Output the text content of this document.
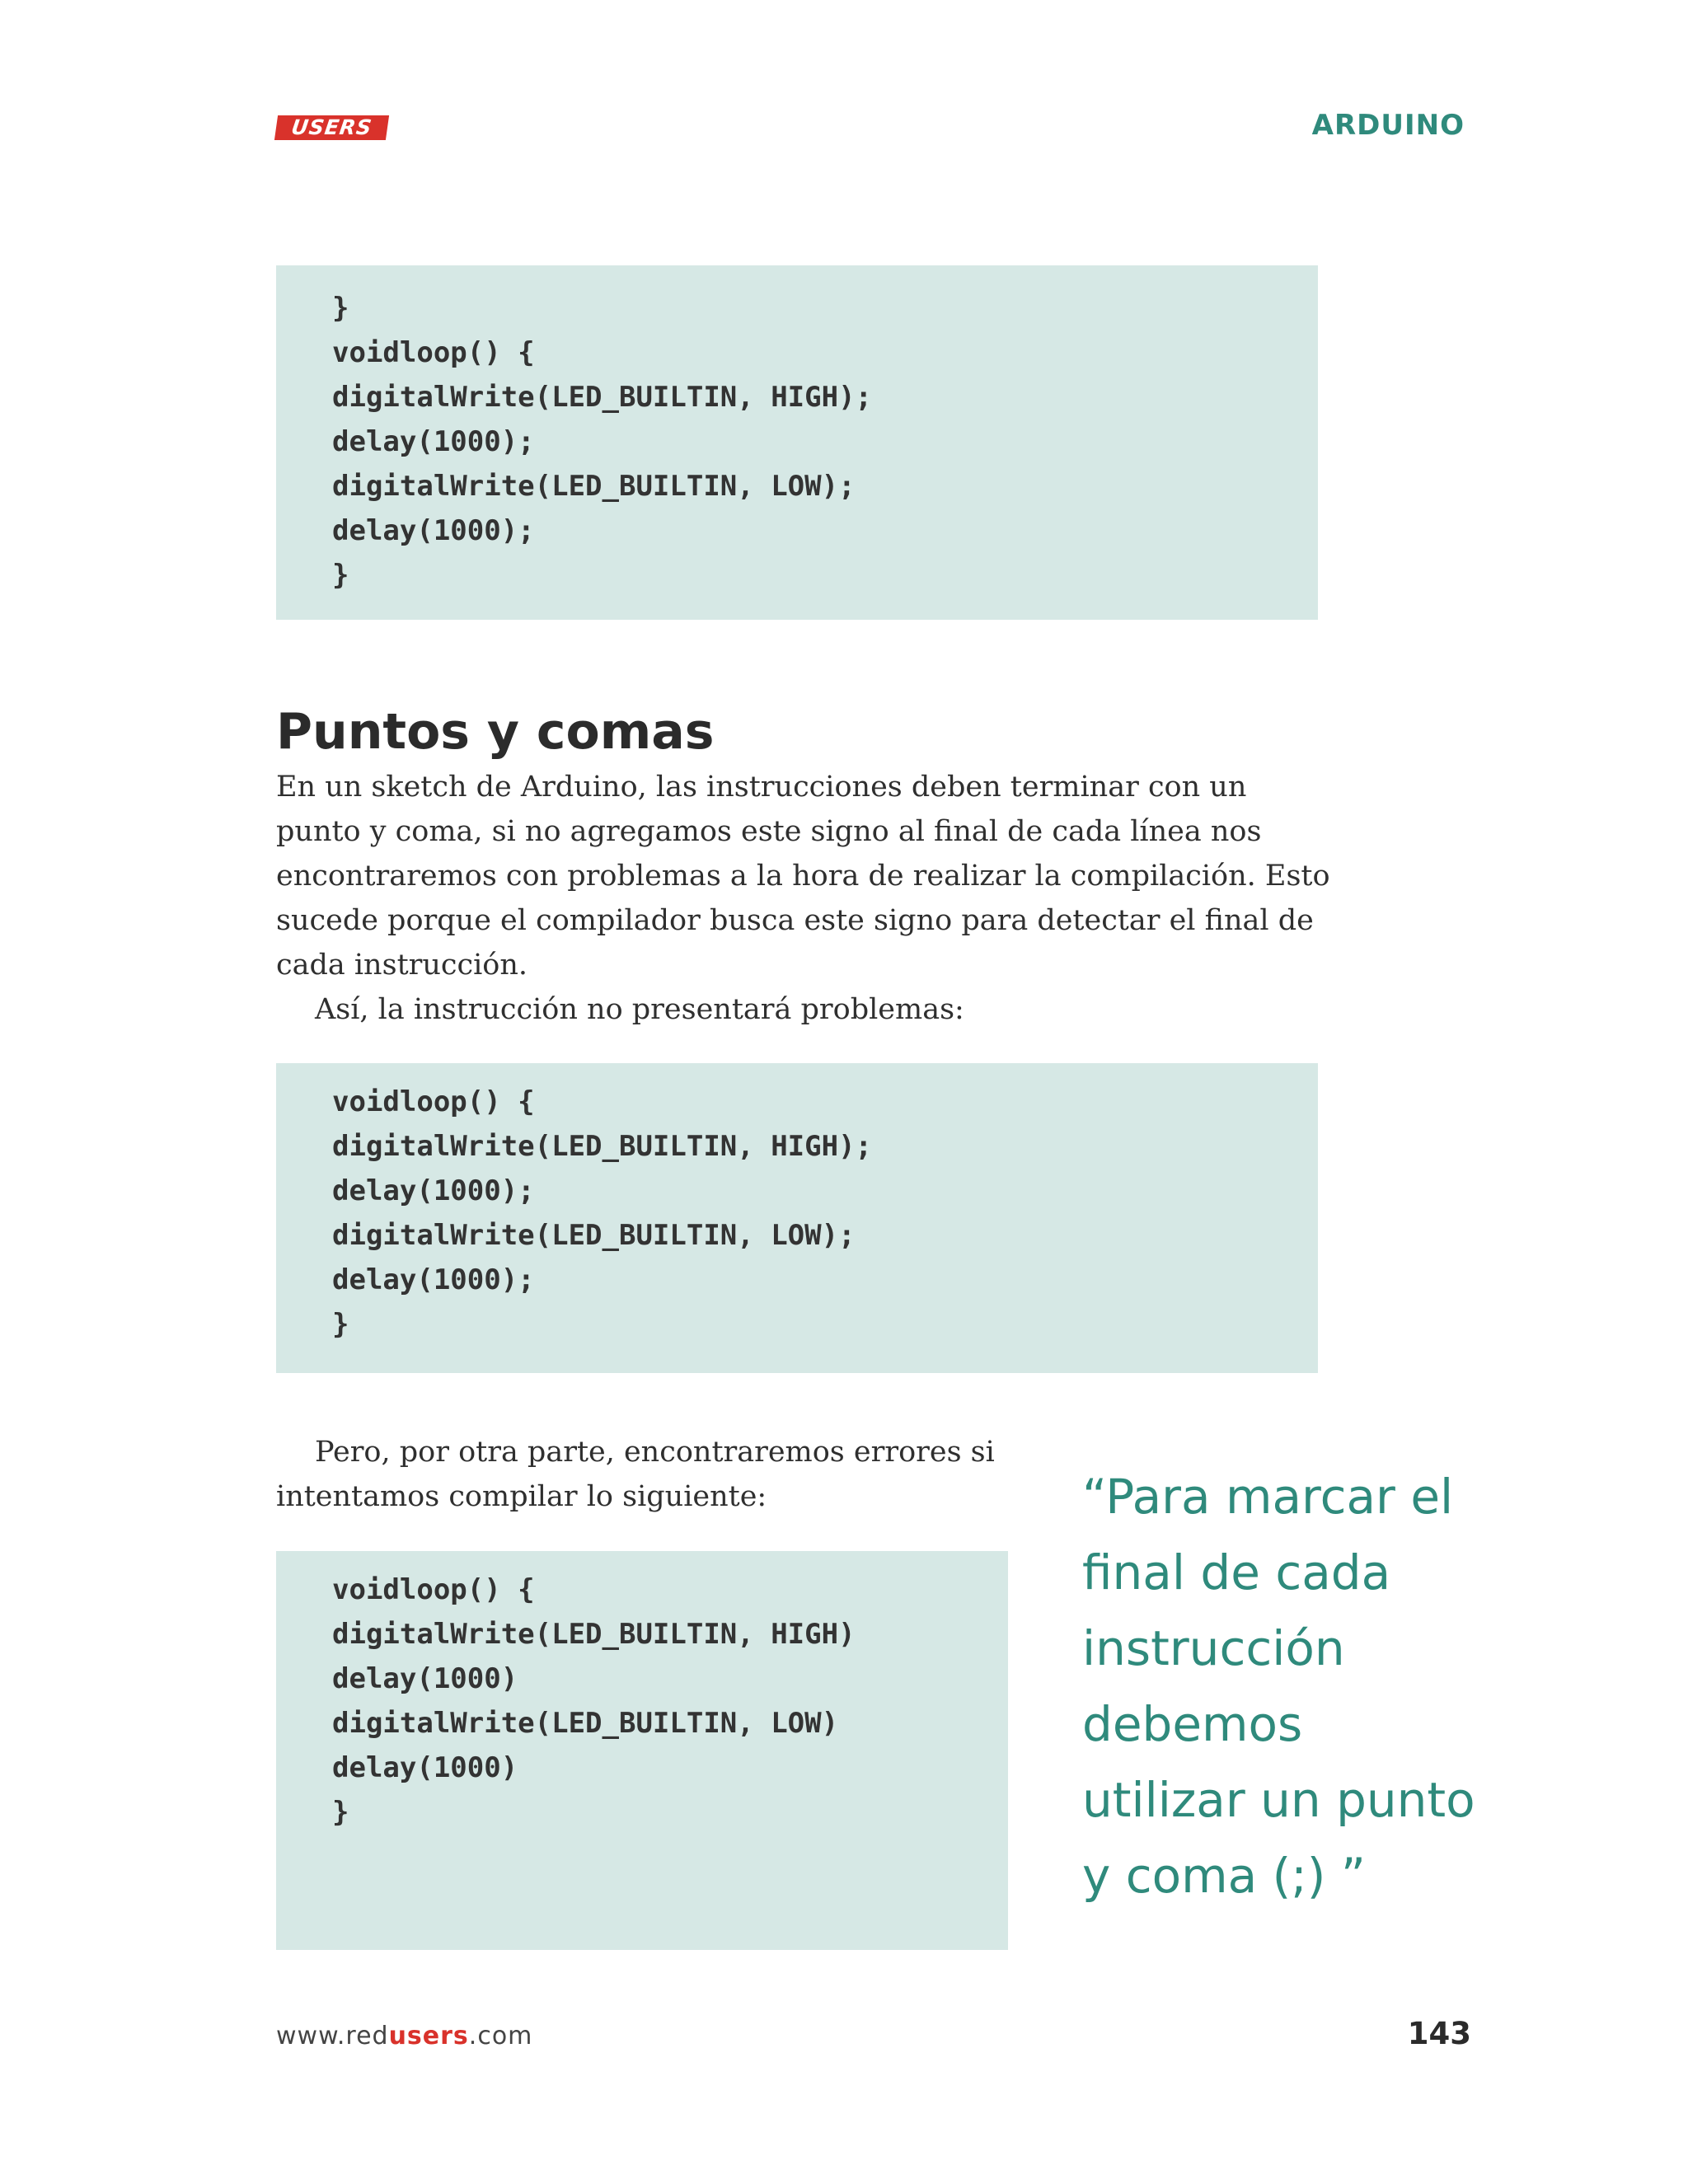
USERS	ARDUINO
}
voidloop() {
digitalWrite(LED_BUILTIN, HIGH);
delay(1000);
digitalWrite(LED_BUILTIN, LOW);
delay(1000);
}
Puntos y comas
En un sketch de Arduino, las instrucciones deben terminar con un punto y coma, si no agregamos este signo al final de cada línea nos encontraremos con problemas a la hora de realizar la compilación. Esto sucede porque el compilador busca este signo para detectar el final de cada instrucción.
Así, la instrucción no presentará problemas:
voidloop() {
digitalWrite(LED_BUILTIN, HIGH);
delay(1000);
digitalWrite(LED_BUILTIN, LOW);
delay(1000);
}
Pero, por otra parte, encontraremos errores si intentamos compilar lo siguiente:
voidloop() {
digitalWrite(LED_BUILTIN, HIGH)
delay(1000)
digitalWrite(LED_BUILTIN, LOW)
delay(1000)
}
“Para marcar el final de cada instrucción debemos utilizar un punto y coma (;) ”
www.redusers.com	143
